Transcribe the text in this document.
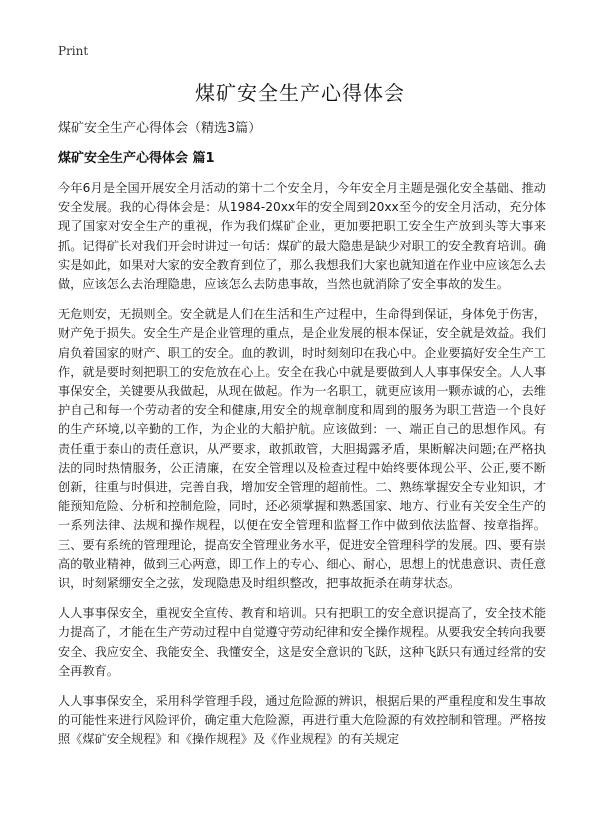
Print
煤矿安全生产心得体会
煤矿安全生产心得体会（精选3篇）
煤矿安全生产心得体会 篇1

今年6月是全国开展安全月活动的第十二个安全月，今年安全月主题是强化安全基础、推动安全发展。我的心得体会是：从1984-20xx年的安全周到20xx至今的安全月活动，充分体现了国家对安全生产的重视，作为我们煤矿企业，更加要把职工安全生产放到头等大事来抓。记得矿长对我们开会时讲过一句话：煤矿的最大隐患是缺少对职工的安全教育培训。确实是如此，如果对大家的安全教育到位了，那么我想我们大家也就知道在作业中应该怎么去做，应该怎么去治理隐患，应该怎么去防患事故，当然也就消除了安全事故的发生。

无危则安，无损则全。安全就是人们在生活和生产过程中，生命得到保证，身体免于伤害，财产免于损失。安全生产是企业管理的重点，是企业发展的根本保证，安全就是效益。我们肩负着国家的财产、职工的安全。血的教训，时时刻刻印在我心中。企业要搞好安全生产工作，就是要时刻把职工的安危放在心上。安全在我心中就是要做到人人事事保安全。人人事事保安全，关键要从我做起，从现在做起。作为一名职工，就更应该用一颗赤诚的心，去维护自己和每一个劳动者的安全和健康,用安全的规章制度和周到的服务为职工营造一个良好的生产环境,以辛勤的工作，为企业的大船护航。应该做到：一、端正自己的思想作风。有责任重于泰山的责任意识，从严要求，敢抓敢管，大胆揭露矛盾，果断解决问题;在严格执法的同时热情服务，公正清廉，在安全管理以及检查过程中始终要体现公平、公正,要不断创新，往重与时俱进，完善自我，增加安全管理的超前性。二、熟练掌握安全专业知识，才能预知危险、分析和控制危险，同时，还必须掌握和熟悉国家、地方、行业有关安全生产的一系列法律、法规和操作规程，以便在安全管理和监督工作中做到依法监督、按章指挥。三、要有系统的管理理论，提高安全管理业务水平，促进安全管理科学的发展。四、要有崇高的敬业精神，做到三心两意，即工作上的专心、细心、耐心，思想上的忧患意识、责任意识，时刻紧绷安全之弦，发现隐患及时组织整改，把事故扼杀在萌芽状态。

人人事事保安全，重视安全宣传、教育和培训。只有把职工的安全意识提高了，安全技术能力提高了，才能在生产劳动过程中自觉遵守劳动纪律和安全操作规程。从要我安全转向我要安全、我应安全、我能安全、我懂安全，这是安全意识的飞跃，这种飞跃只有通过经常的安全再教育。

人人事事保安全，采用科学管理手段，通过危险源的辨识，根据后果的严重程度和发生事故的可能性来进行风险评价，确定重大危险源，再进行重大危险源的有效控制和管理。严格按照《煤矿安全规程》和《操作规程》及《作业规程》的有关规定
